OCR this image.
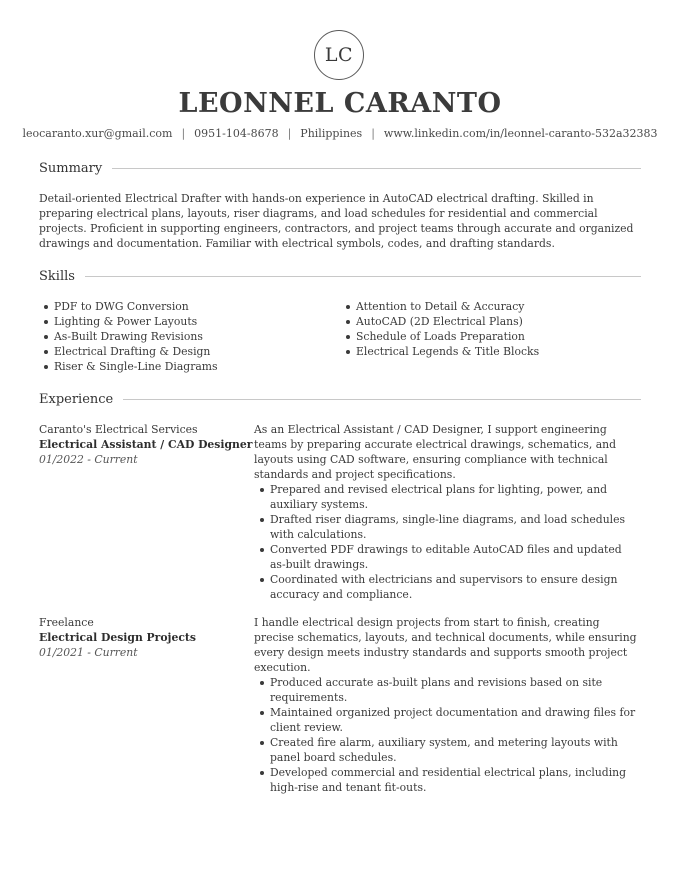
LC
LEONNEL CARANTO
leocaranto.xur@gmail.com | 0951-104-8678 | Philippines | www.linkedin.com/in/leonnel-caranto-532a32383
Summary

Detail-oriented Electrical Drafter with hands-on experience in AutoCAD electrical drafting. Skilled in preparing electrical plans, layouts, riser diagrams, and load schedules for residential and commercial projects. Proficient in supporting engineers, contractors, and project teams through accurate and organized drawings and documentation. Familiar with electrical symbols, codes, and drafting standards.

Skills
PDF to DWG Conversion
Lighting & Power Layouts
As-Built Drawing Revisions
Electrical Drafting & Design
Riser & Single-Line Diagrams
Attention to Detail & Accuracy
AutoCAD (2D Electrical Plans)
Schedule of Loads Preparation
Electrical Legends & Title Blocks
Experience
Caranto's Electrical Services
Electrical Assistant / CAD Designer
01/2022 - Current

As an Electrical Assistant / CAD Designer, I support engineering teams by preparing accurate electrical drawings, schematics, and layouts using CAD software, ensuring compliance with technical standards and project specifications.

Prepared and revised electrical plans for lighting, power, and auxiliary systems.
Drafted riser diagrams, single-line diagrams, and load schedules with calculations.
Converted PDF drawings to editable AutoCAD files and updated as-built drawings.
Coordinated with electricians and supervisors to ensure design accuracy and compliance.
Freelance
Electrical Design Projects
01/2021 - Current

I handle electrical design projects from start to finish, creating precise schematics, layouts, and technical documents, while ensuring every design meets industry standards and supports smooth project execution.

Produced accurate as-built plans and revisions based on site requirements.
Maintained organized project documentation and drawing files for client review.
Created fire alarm, auxiliary system, and metering layouts with panel board schedules.
Developed commercial and residential electrical plans, including high-rise and tenant fit-outs.
